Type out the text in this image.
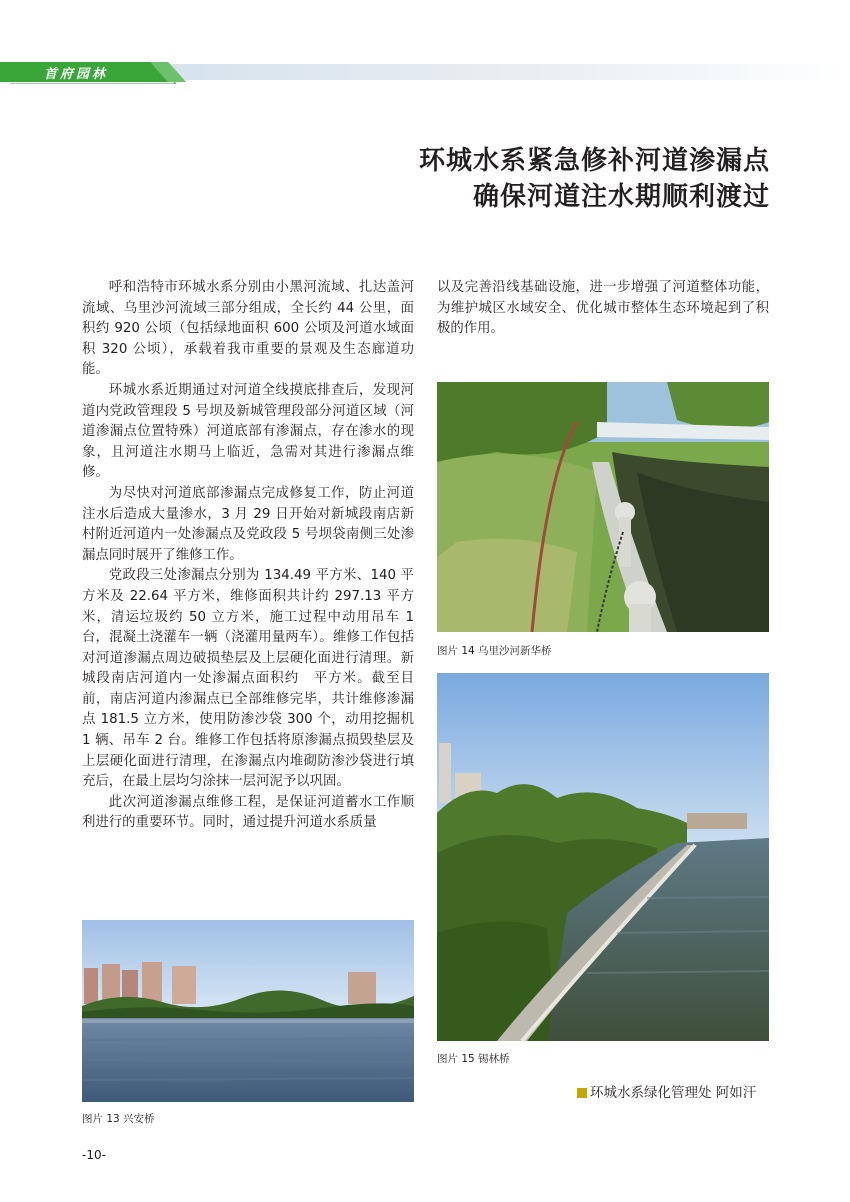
首府园林
环城水系紧急修补河道渗漏点
确保河道注水期顺利渡过

呼和浩特市环城水系分别由小黑河流域、扎达盖河流域、乌里沙河流域三部分组成，全长约 44 公里，面积约 920 公顷（包括绿地面积 600 公顷及河道水域面积 320 公顷），承载着我市重要的景观及生态廊道功能。

环城水系近期通过对河道全线摸底排查后，发现河道内党政管理段 5 号坝及新城管理段部分河道区域（河道渗漏点位置特殊）河道底部有渗漏点，存在渗水的现象，且河道注水期马上临近，急需对其进行渗漏点维修。

为尽快对河道底部渗漏点完成修复工作，防止河道注水后造成大量渗水，3 月 29 日开始对新城段南店新村附近河道内一处渗漏点及党政段 5 号坝袋南侧三处渗漏点同时展开了维修工作。

党政段三处渗漏点分别为 134.49 平方米、140 平方米及 22.64 平方米，维修面积共计约 297.13 平方米，清运垃圾约 50 立方米，施工过程中动用吊车 1 台，混凝土浇灌车一辆（浇灌用量两车）。维修工作包括对河道渗漏点周边破损垫层及上层硬化面进行清理。新城段南店河道内一处渗漏点面积约　平方米。截至目前，南店河道内渗漏点已全部维修完毕，共计维修渗漏点 181.5 立方米，使用防渗沙袋 300 个，动用挖掘机 1 辆、吊车 2 台。维修工作包括将原渗漏点损毁垫层及上层硬化面进行清理，在渗漏点内堆砌防渗沙袋进行填充后，在最上层均匀涂抹一层河泥予以巩固。

此次河道渗漏点维修工程，是保证河道蓄水工作顺利进行的重要环节。同时，通过提升河道水系质量

以及完善沿线基础设施，进一步增强了河道整体功能，为维护城区水域安全、优化城市整体生态环境起到了积极的作用。

图片 13 兴安桥
图片 14 乌里沙河新华桥
图片 15 锡林桥
环城水系绿化管理处 阿如汗
-10-
